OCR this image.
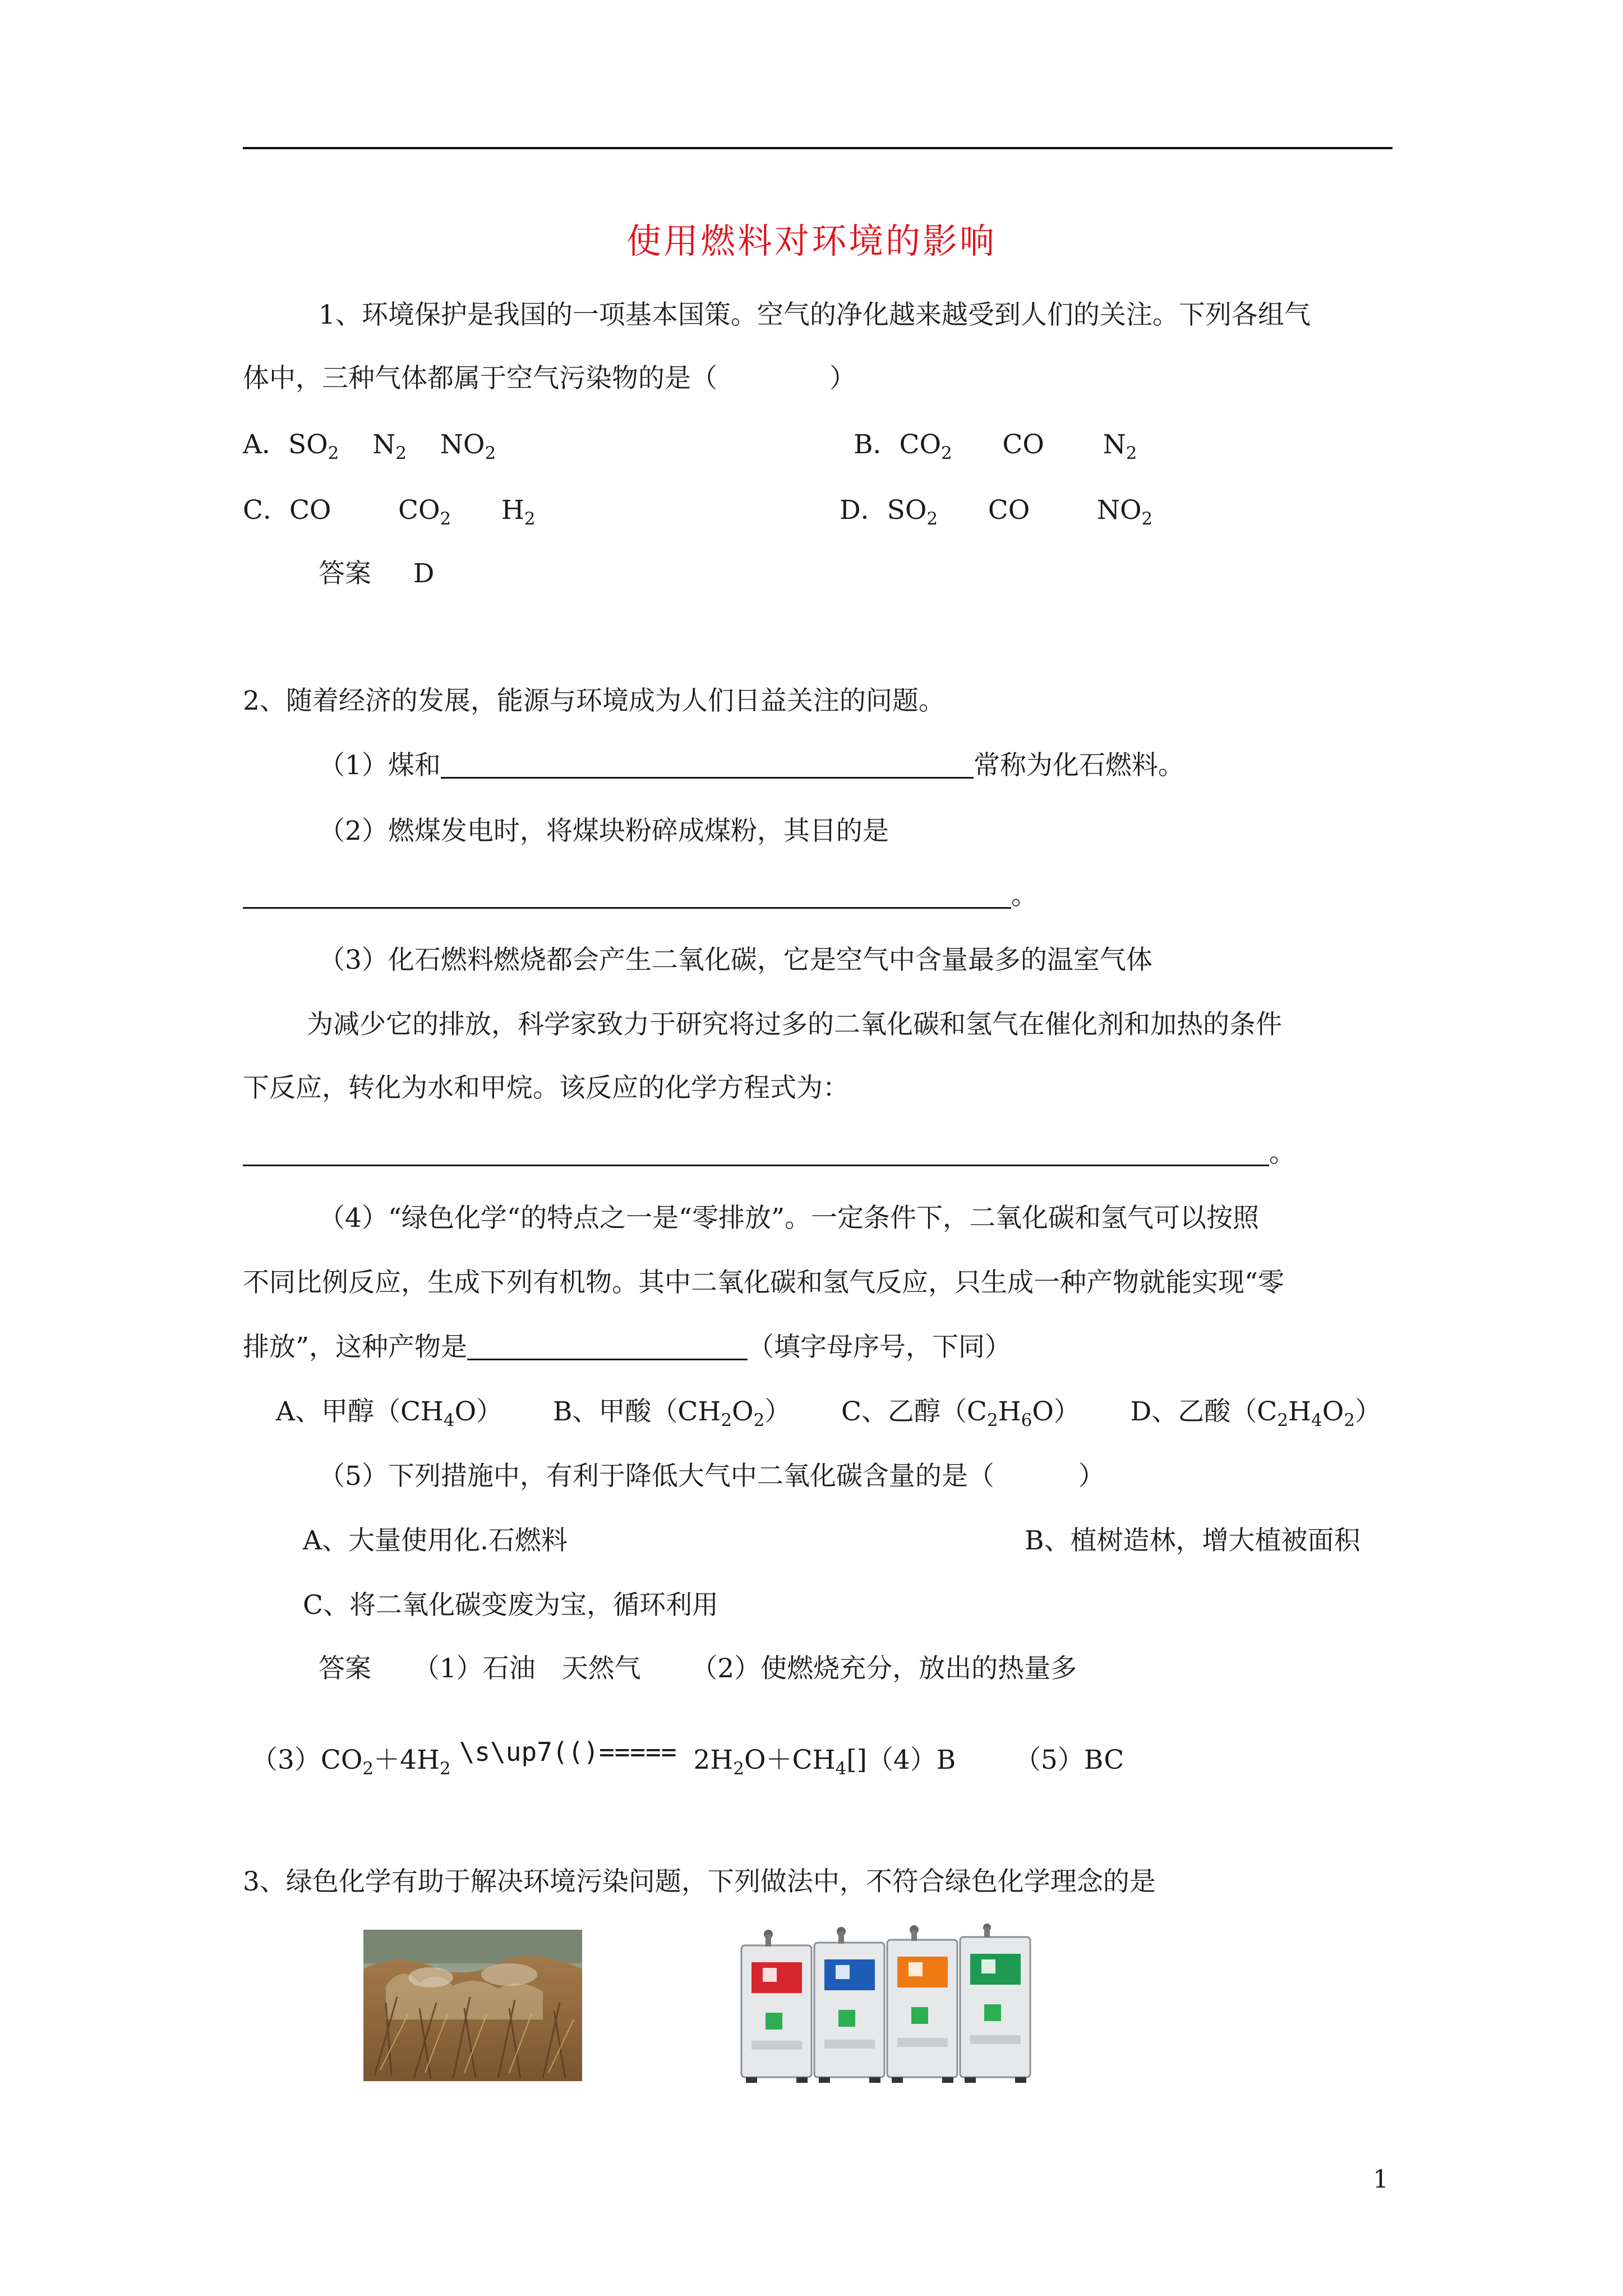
使用燃料对环境的影响
1、环境保护是我国的一项基本国策。空气的净化越来越受到人们的关注。下列各组气
体中，三种气体都属于空气污染物的是（	）
A．$SO_2$ $N_2$ $NO_2$	B．$CO_2$ CO $N_2$
C．CO	$CO_2$ $H_2$	D．$SO_2$ CO	$NO_2$
答案 D
2、随着经济的发展，能源与环境成为人们日益关注的问题。
（1）煤和	常称为化石燃料。
（2）燃煤发电时，将煤块粉碎成煤粉，其目的是
。
（3）化石燃料燃烧都会产生二氧化碳，它是空气中含量最多的温室气体
为减少它的排放，科学家致力于研究将过多的二氧化碳和氢气在催化剂和加热的条件
下反应，转化为水和甲烷。该反应的化学方程式为：
。
（4）“绿色化学“的特点之一是“零排放”。一定条件下，二氧化碳和氢气可以按照
不同比例反应，生成下列有机物。其中二氧化碳和氢气反应，只生成一种产物就能实现“零
排放”，这种产物是	（填字母序号，下同）
A、甲醇$(CH_4O)$ B、甲酸$(CH_2O_2)$ C、乙醇$(C_2H_6O)$ D、乙酸$(C_2H_4O_2)$
（5）下列措施中，有利于降低大气中二氧化碳含量的是（	）
A、大量使用化.石燃料	B、植树造林，增大植被面积
C、将二氧化碳变废为宝，循环利用
答案 （1）石油　天然气 （2）使燃烧充分，放出的热量多
$(3)CO_2+4H_2$ \s\up7(()===== $2H_2O+CH_4[](4)B$ （5）BC
3、绿色化学有助于解决环境污染问题，下列做法中，不符合绿色化学理念的是
1
